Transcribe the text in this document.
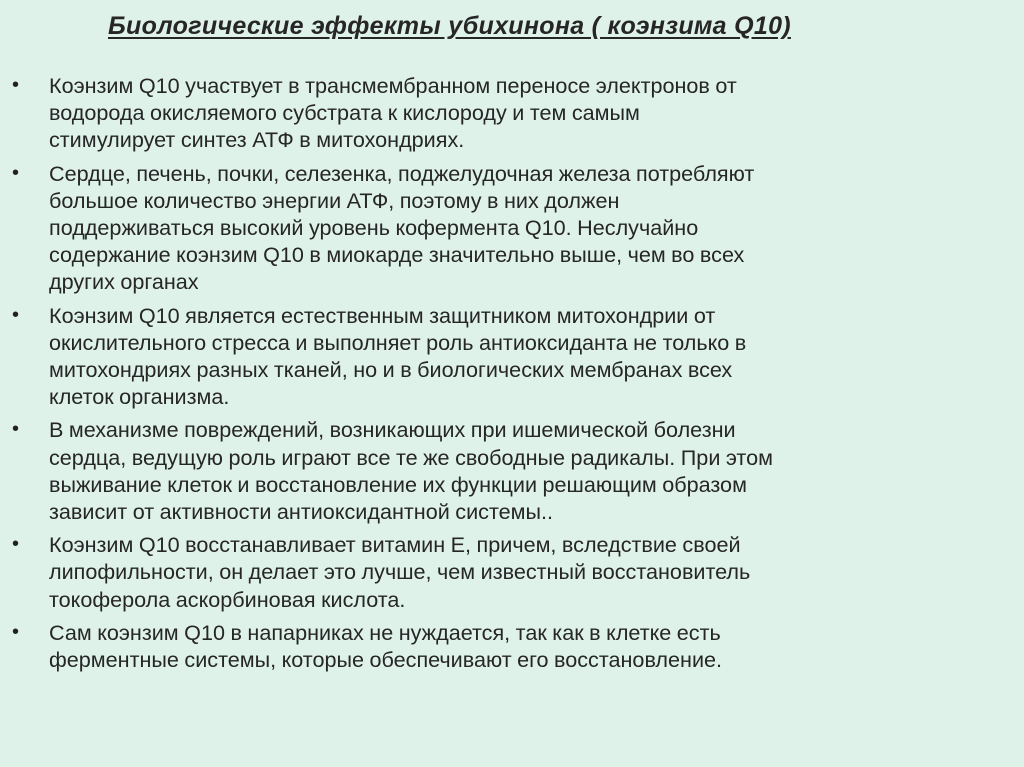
Биологические эффекты убихинона ( коэнзима Q10)
•	Коэнзим Q10 участвует в трансмембранном переносе электронов от
водорода окисляемого субстрата к кислороду и тем самым
стимулирует синтез АТФ в митохондриях.
•	Сердце, печень, почки, селезенка, поджелудочная железа потребляют
большое количество энергии АТФ, поэтому в них должен
поддерживаться высокий уровень кофермента Q10. Неслучайно
содержание коэнзим Q10 в миокарде значительно выше, чем во всех
других органах
•	Коэнзим Q10 является естественным защитником митохондрии от
окислительного стресса и выполняет роль антиоксиданта не только в
митохондриях разных тканей, но и в биологических мембранах всех
клеток организма.
•	В механизме повреждений, возникающих при ишемической болезни
сердца, ведущую роль играют все те же свободные радикалы. При этом
выживание клеток и восстановление их функции решающим образом
зависит от активности антиоксидантной системы..
•	Коэнзим Q10 восстанавливает витамин Е, причем, вследствие своей
липофильности, он делает это лучше, чем известный восстановитель
токоферола аскорбиновая кислота.
•	Сам коэнзим Q10 в напарниках не нуждается, так как в клетке есть
ферментные системы, которые обеспечивают его восстановление.
